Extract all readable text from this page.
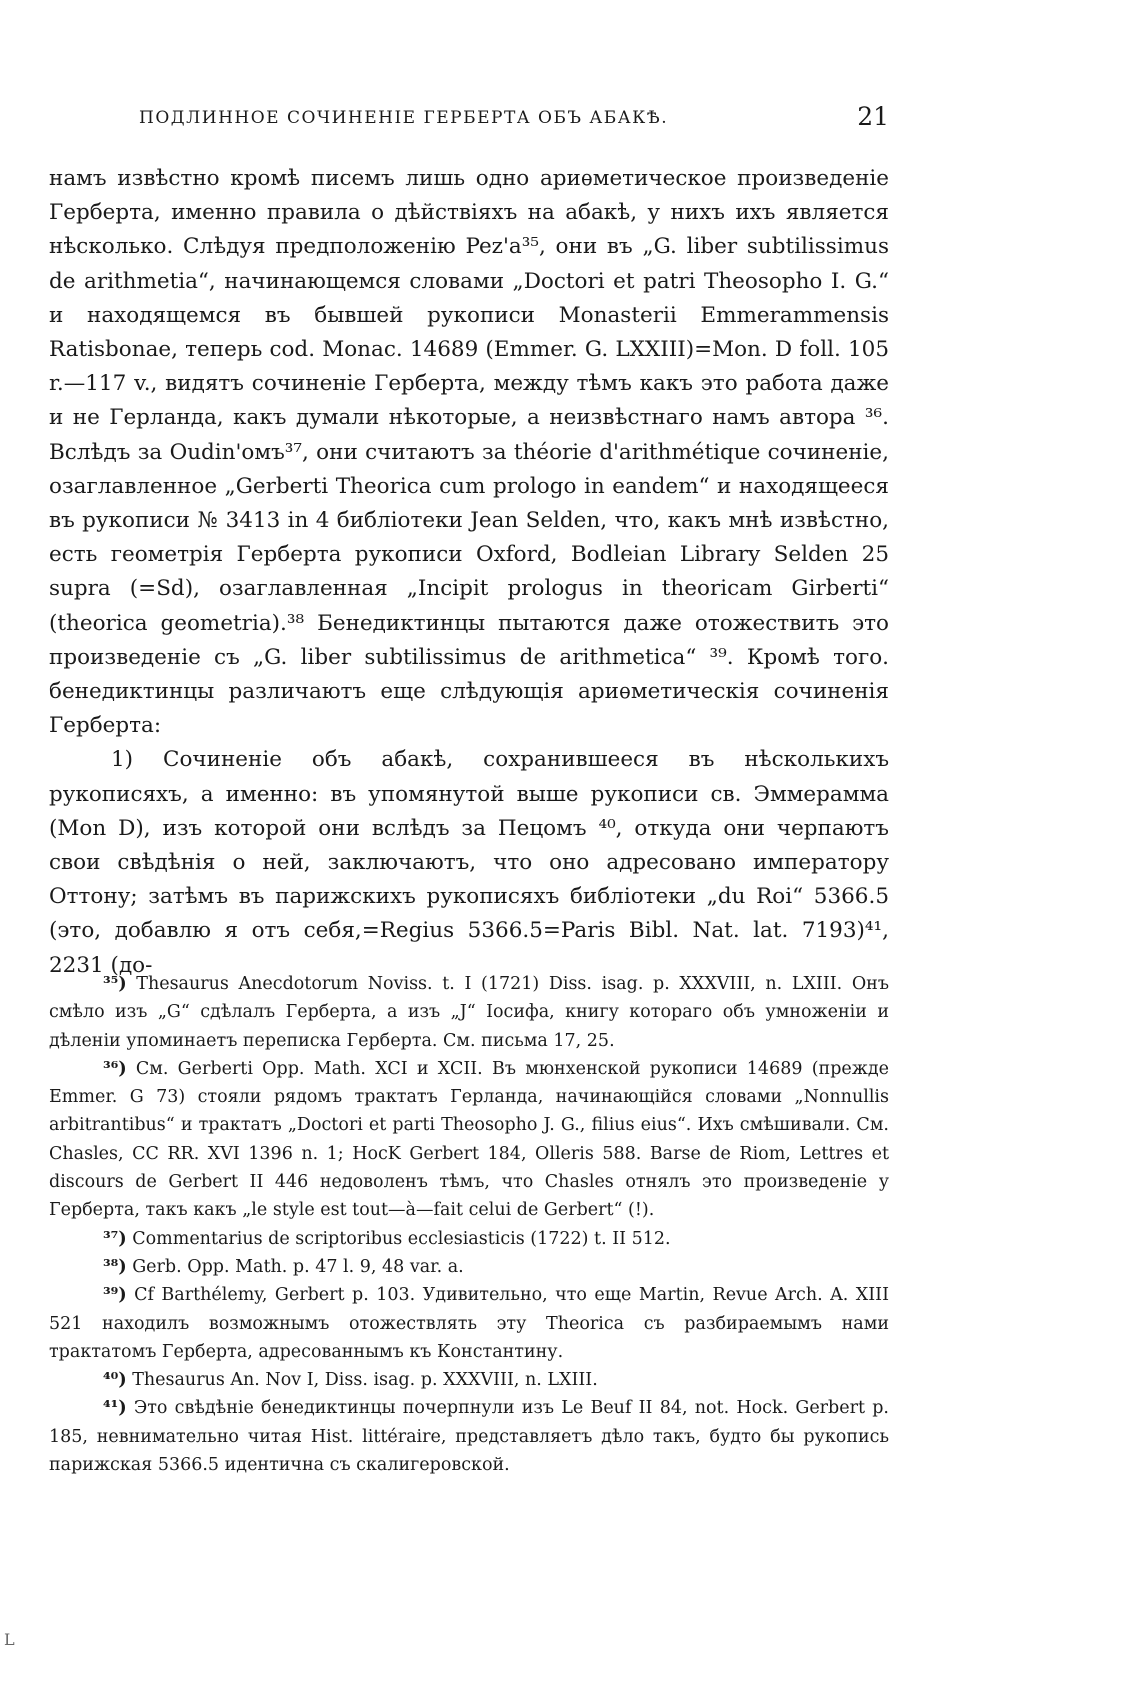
ПОДЛИННОЕ СОЧИНЕНІЕ ГЕРБЕРТА ОБЪ АБАКѢ.	21

намъ извѣстно кромѣ писемъ лишь одно ариѳметическое произведеніе Герберта, именно правила о дѣйствіяхъ на абакѣ, у нихъ ихъ является нѣсколько. Слѣдуя предположенію Pez'a³⁵, они въ „G. liber subtilissimus de arithmetia“, начинающемся словами „Doctori et patri Theosopho I. G.“ и находящемся въ бывшей рукописи Monasterii Emmerammensis Ratisbonae, теперь cod. Monac. 14689 (Emmer. G. LXXIII)=Mon. D foll. 105 r.—117 v., видятъ сочиненіе Герберта, между тѣмъ какъ это работа даже и не Герланда, какъ думали нѣкоторые, а неизвѣстнаго намъ автора ³⁶. Вслѣдъ за Oudin'омъ³⁷, они считаютъ за théorie d'arithmétique сочиненіе, озаглавленное „Gerberti Theorica cum prologo in eandem“ и находящееся въ рукописи № 3413 in 4 библіотеки Jean Selden, что, какъ мнѣ извѣстно, есть геометрія Герберта рукописи Oxford, Bodleian Library Selden 25 supra (=Sd), озаглавленная „Incipit prologus in theoricam Girberti“ (theorica geometria).³⁸ Бенедиктинцы пытаются даже отожествить это произведеніе съ „G. liber subtilissimus de arithmetica“ ³⁹. Кромѣ того. бенедиктинцы различаютъ еще слѣдующія ариѳметическія сочиненія Герберта:

1) Сочиненіе объ абакѣ, сохранившееся въ нѣсколькихъ рукописяхъ, а именно: въ упомянутой выше рукописи св. Эммерамма (Mon D), изъ которой они вслѣдъ за Пецомъ ⁴⁰, откуда они черпаютъ свои свѣдѣнія о ней, заключаютъ, что оно адресовано императору Оттону; затѣмъ въ парижскихъ рукописяхъ библіотеки „du Roi“ 5366.5 (это, добавлю я отъ себя,=Regius 5366.5=Paris Bibl. Nat. lat. 7193)⁴¹, 2231 (до-

³⁵) Thesaurus Anecdotorum Noviss. t. I (1721) Diss. isag. p. XXXVIII, n. LXIII. Онъ смѣло изъ „G“ сдѣлалъ Герберта, а изъ „J“ Іосифа, книгу котораго объ умноженіи и дѣленіи упоминаетъ переписка Герберта. См. письма 17, 25.

³⁶) См. Gerberti Opp. Math. XCI и XCII. Въ мюнхенской рукописи 14689 (прежде Emmer. G 73) стояли рядомъ трактатъ Герланда, начинающійся словами „Nonnullis arbitrantibus“ и трактатъ „Doctori et parti Theosopho J. G., filius eius“. Ихъ смѣшивали. См. Chasles, CC RR. XVI 1396 n. 1; HocK Gerbert 184, Olleris 588. Barse de Riom, Lettres et discours de Gerbert II 446 недоволенъ тѣмъ, что Chasles отнялъ это произведеніе у Герберта, такъ какъ „le style est tout—à—fait celui de Gerbert“ (!).

³⁷) Commentarius de scriptoribus ecclesiasticis (1722) t. II 512.

³⁸) Gerb. Opp. Math. p. 47 l. 9, 48 var. a.

³⁹) Cf Barthélemy, Gerbert p. 103. Удивительно, что еще Martin, Revue Arch. A. XIII 521 находилъ возможнымъ отожествлять эту Theorica съ разбираемымъ нами трактатомъ Герберта, адресованнымъ къ Константину.

⁴⁰) Thesaurus An. Nov I, Diss. isag. p. XXXVIII, n. LXIII.

⁴¹) Это свѣдѣніе бенедиктинцы почерпнули изъ Le Beuf II 84, not. Hock. Gerbert p. 185, невнимательно читая Hist. littéraire, представляетъ дѣло такъ, будто бы рукопись парижская 5366.5 идентична съ скалигеровской.

L
